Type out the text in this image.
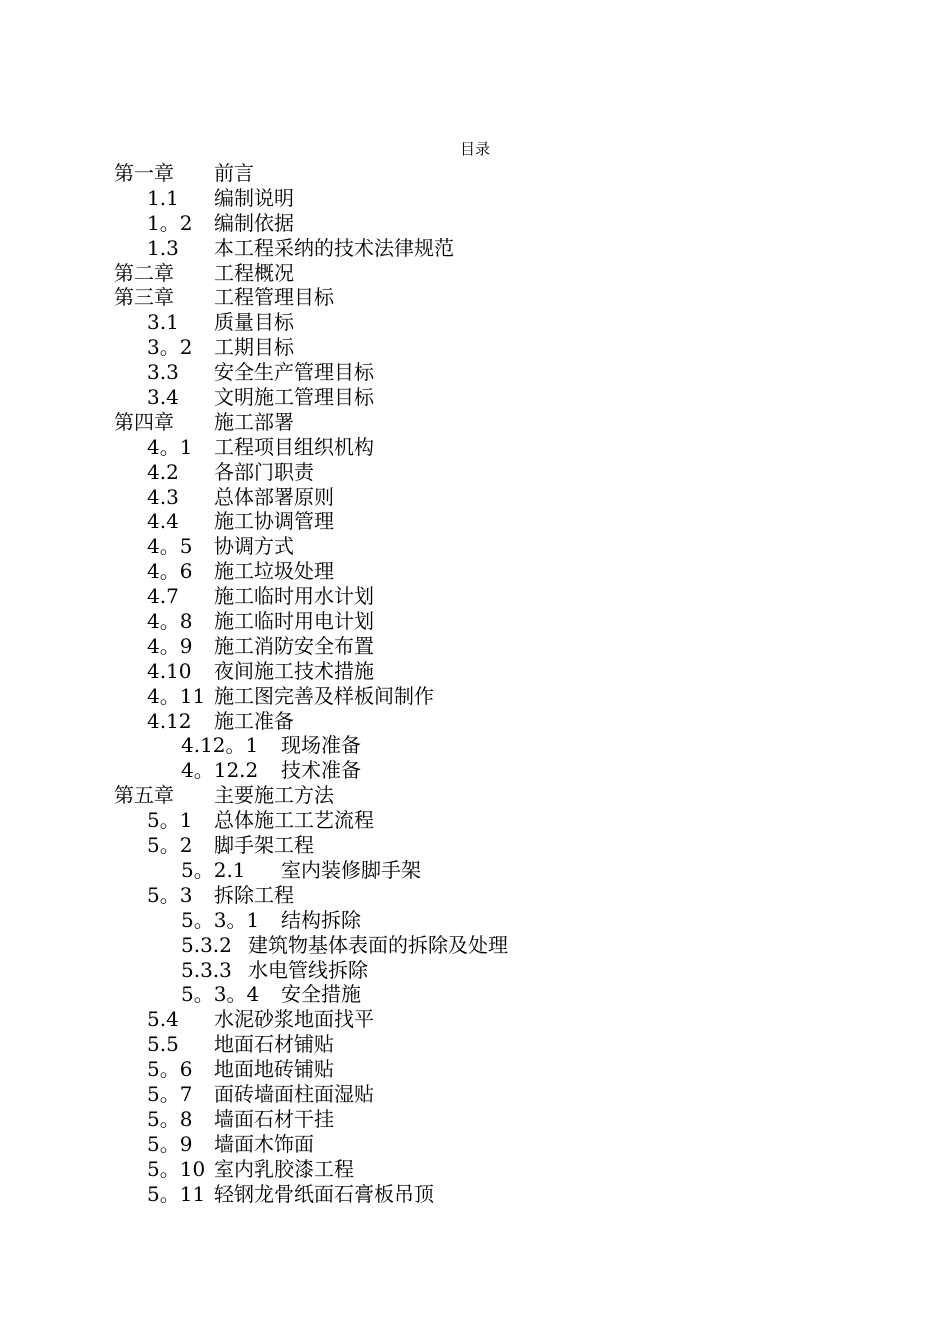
目录
第一章 前言
1.1 编制说明
1。2 编制依据
1.3 本工程采纳的技术法律规范
第二章 工程概况
第三章 工程管理目标
3.1 质量目标
3。2 工期目标
3.3 安全生产管理目标
3.4 文明施工管理目标
第四章 施工部署
4。1 工程项目组织机构
4.2 各部门职责
4.3 总体部署原则
4.4 施工协调管理
4。5 协调方式
4。6 施工垃圾处理
4.7 施工临时用水计划
4。8 施工临时用电计划
4。9 施工消防安全布置
4.10 夜间施工技术措施
4。11 施工图完善及样板间制作
4.12 施工准备
4.12。1 现场准备
4。12.2 技术准备
第五章 主要施工方法
5。1 总体施工工艺流程
5。2 脚手架工程
5。2.1 室内装修脚手架
5。3 拆除工程
5。3。1 结构拆除
5.3.2 建筑物基体表面的拆除及处理
5.3.3 水电管线拆除
5。3。4 安全措施
5.4 水泥砂浆地面找平
5.5 地面石材铺贴
5。6 地面地砖铺贴
5。7 面砖墙面柱面湿贴
5。8 墙面石材干挂
5。9 墙面木饰面
5。10 室内乳胶漆工程
5。11 轻钢龙骨纸面石膏板吊顶
